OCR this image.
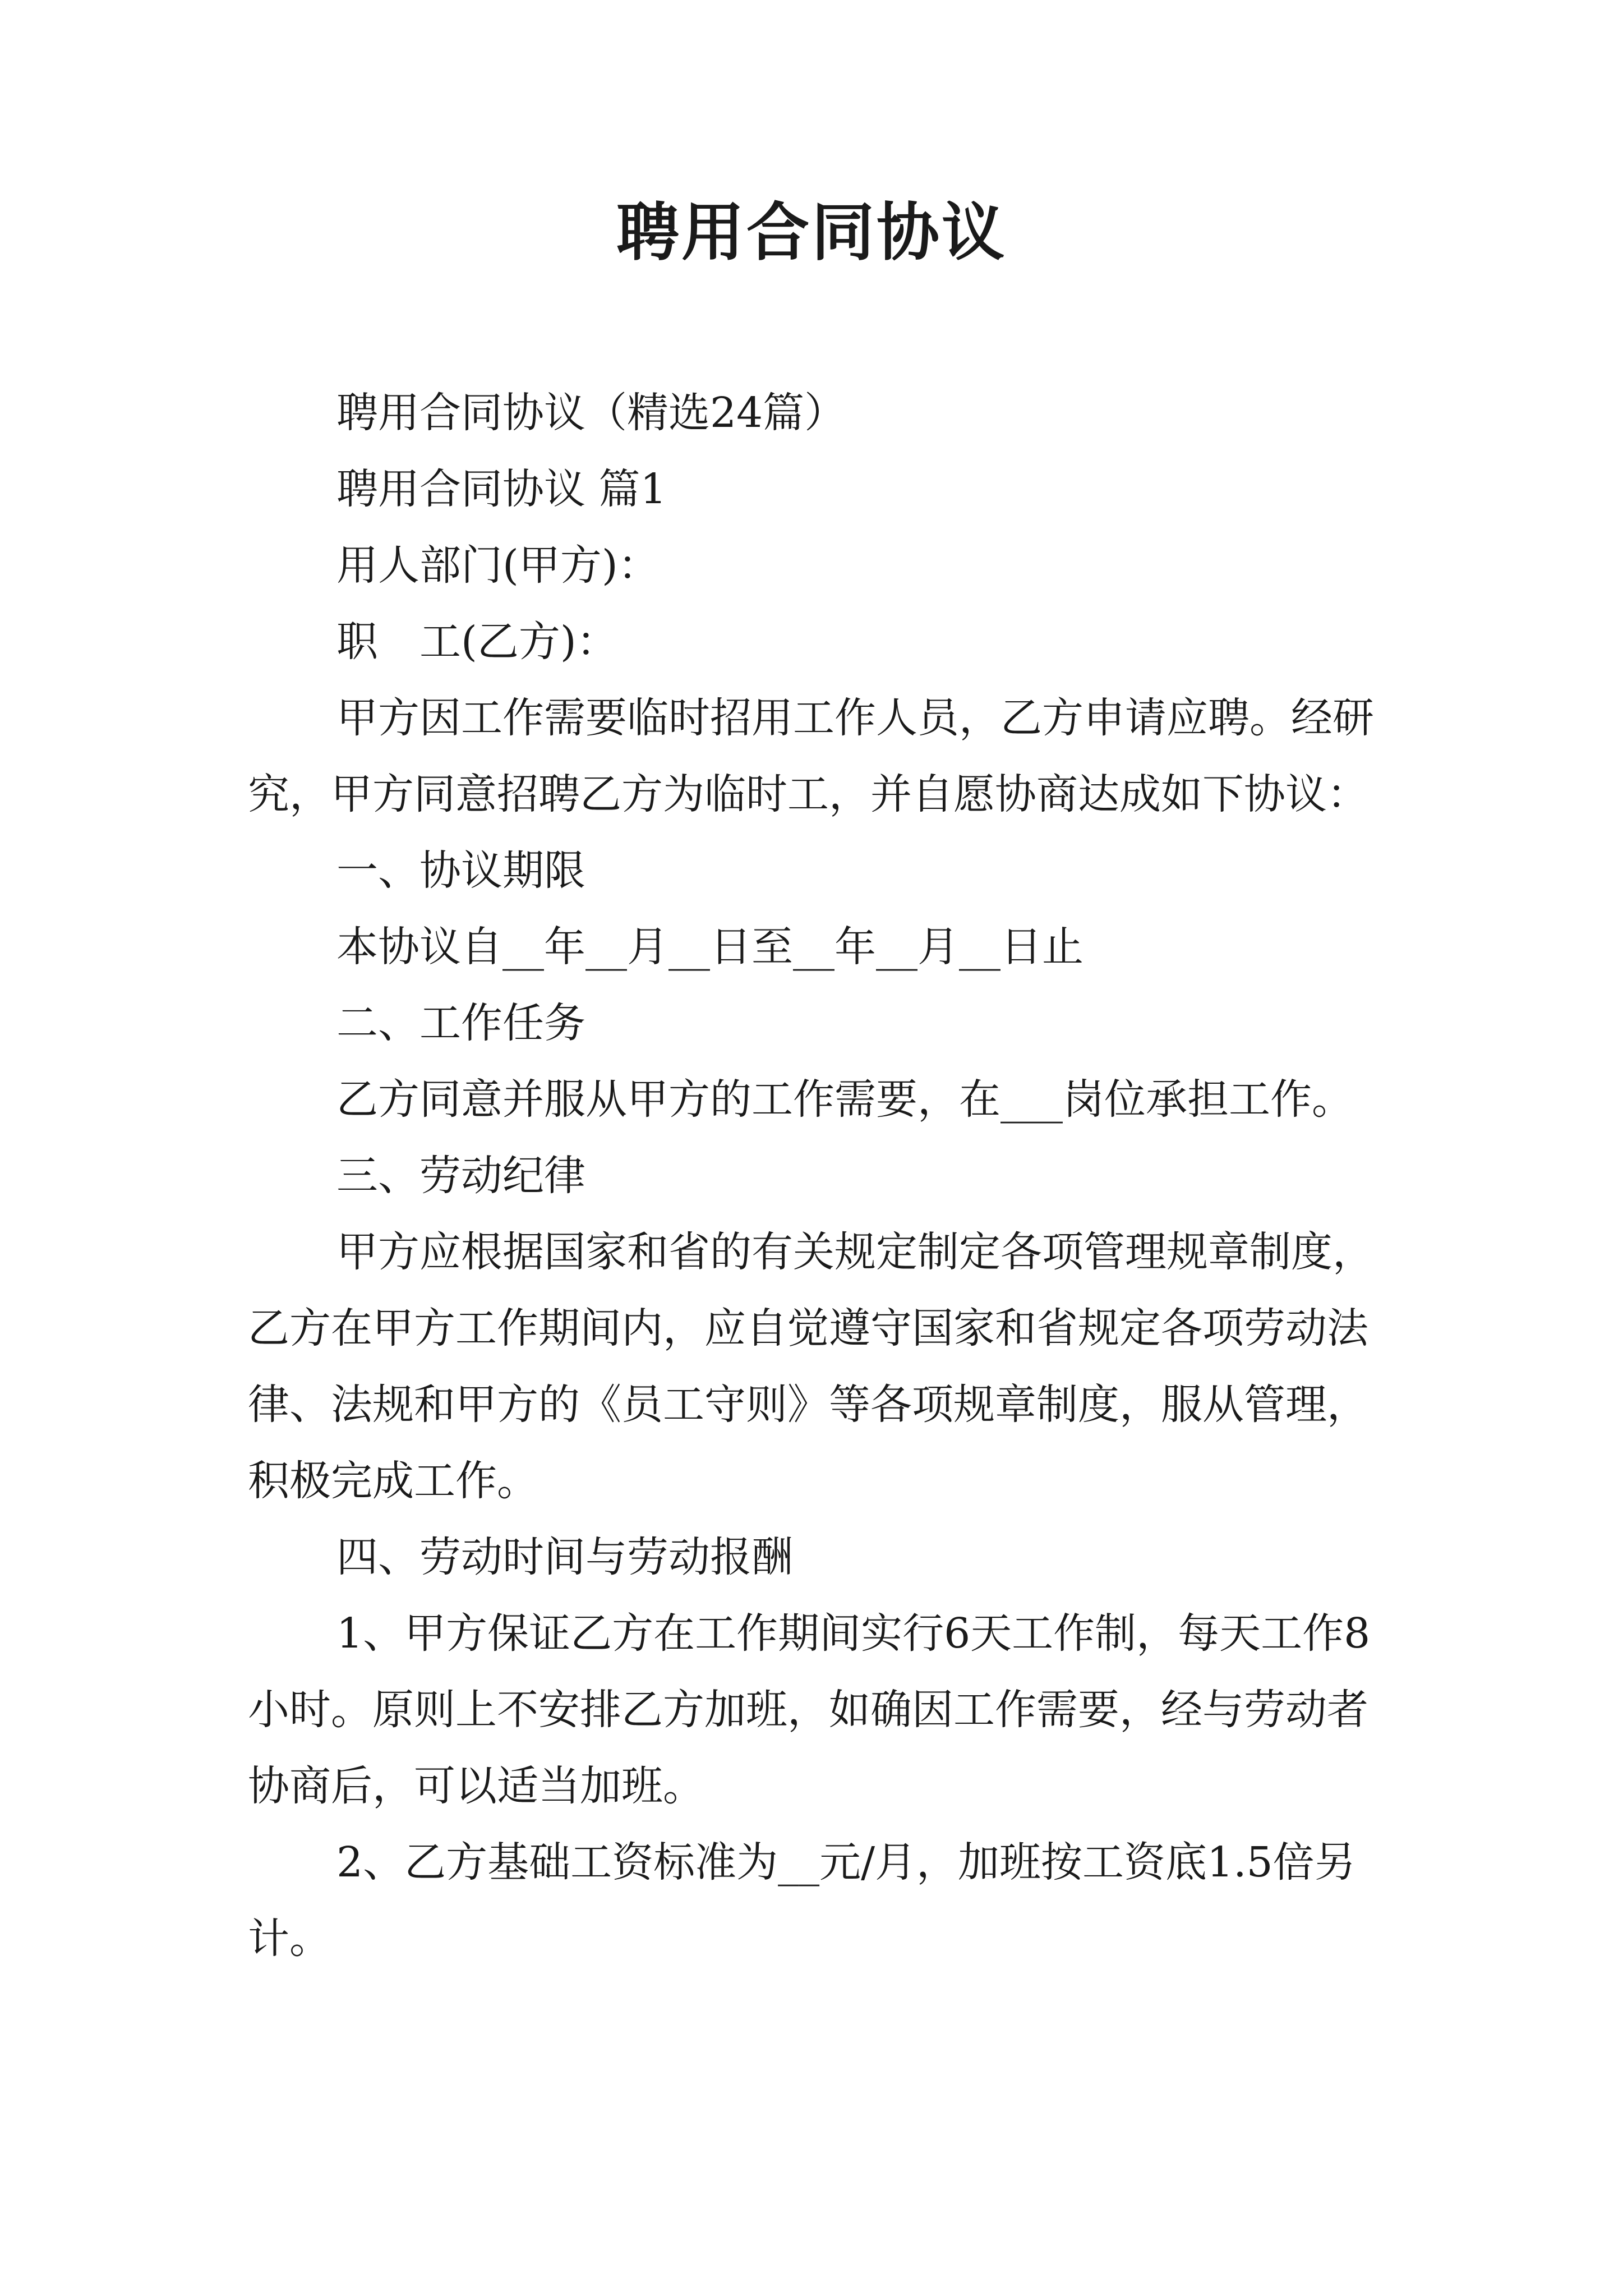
聘用合同协议

聘用合同协议（精选24篇）

聘用合同协议 篇1

用人部门(甲方)：

职　工(乙方)：

甲方因工作需要临时招用工作人员，乙方申请应聘。经研究，甲方同意招聘乙方为临时工，并自愿协商达成如下协议：

一、协议期限

本协议自__年__月__日至__年__月__日止

二、工作任务

乙方同意并服从甲方的工作需要，在___岗位承担工作。

三、劳动纪律

甲方应根据国家和省的有关规定制定各项管理规章制度，乙方在甲方工作期间内，应自觉遵守国家和省规定各项劳动法律、法规和甲方的《员工守则》等各项规章制度，服从管理，积极完成工作。

四、劳动时间与劳动报酬

1、甲方保证乙方在工作期间实行6天工作制，每天工作8小时。原则上不安排乙方加班，如确因工作需要，经与劳动者协商后，可以适当加班。

2、乙方基础工资标准为__元/月，加班按工资底1.5倍另计。
